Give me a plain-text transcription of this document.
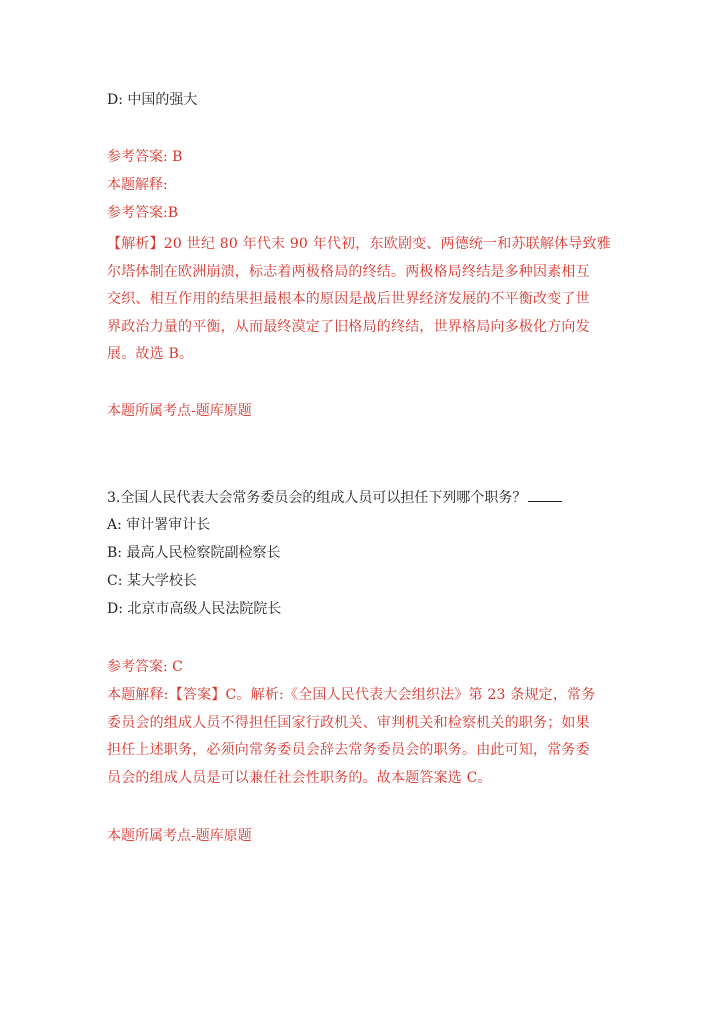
D: 中国的强大
参考答案: B
本题解释:
参考答案:B
【解析】20 世纪 80 年代末 90 年代初，东欧剧变、两德统一和苏联解体导致雅
尔塔体制在欧洲崩溃，标志着两极格局的终结。两极格局终结是多种因素相互
交织、相互作用的结果担最根本的原因是战后世界经济发展的不平衡改变了世
界政治力量的平衡，从而最终漠定了旧格局的终结，世界格局向多极化方向发
展。故选 B。
本题所属考点-题库原题
3.全国人民代表大会常务委员会的组成人员可以担任下列哪个职务？
A: 审计署审计长
B: 最高人民检察院副检察长
C: 某大学校长
D: 北京市高级人民法院院长
参考答案: C
本题解释:【答案】C。解析:《全国人民代表大会组织法》第 23 条规定，常务
委员会的组成人员不得担任国家行政机关、审判机关和检察机关的职务；如果
担任上述职务，必须向常务委员会辞去常务委员会的职务。由此可知，常务委
员会的组成人员是可以兼任社会性职务的。故本题答案选 C。
本题所属考点-题库原题
